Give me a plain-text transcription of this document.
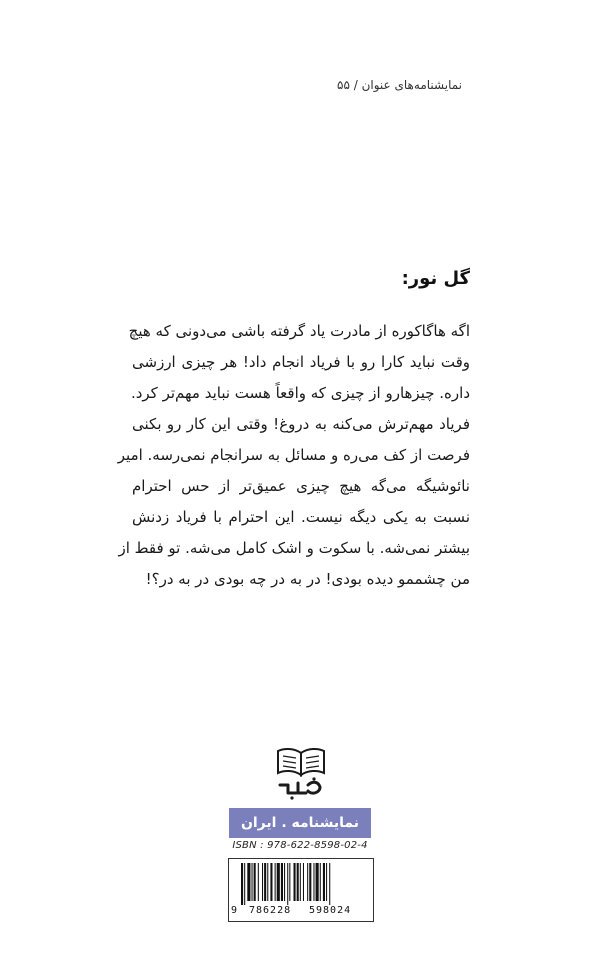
نمایشنامه‌های عنوان / ۵۵
گل نور:
اگه هاگاکوره از مادرت یاد گرفته باشی می‌دونی که هیچ
وقت نباید کارا رو با فریاد انجام داد! هر چیزی ارزشی
داره. چیزهارو از چیزی که واقعاً هست نباید مهم‌تر کرد.
فریاد مهم‌ترش می‌کنه به دروغ! وقتی این کار رو بکنی
فرصت از کف می‌ره و مسائل به سرانجام نمی‌رسه. امیر
نائوشیگه می‌گه هیچ چیزی عمیق‌تر از حس احترام
نسبت به یکی دیگه نیست. این احترام با فریاد زدنش
بیشتر نمی‌شه. با سکوت و اشک کامل می‌شه. تو فقط از
من چشممو دیده بودی! در به در چه بودی در به در؟!
نمایشنامه . ایران
ISBN : 978-622-8598-02-4
9 786228 598024
